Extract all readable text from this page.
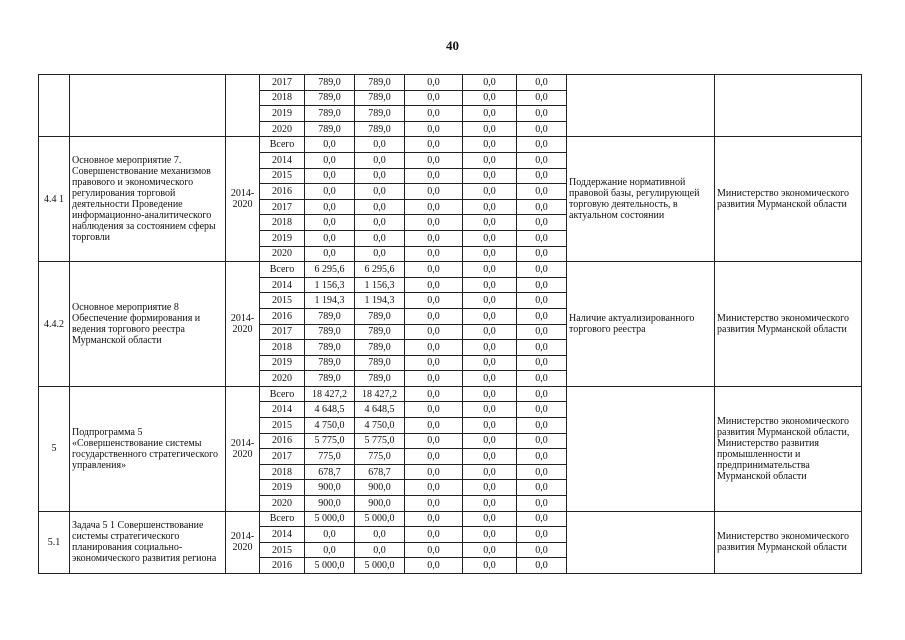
40
			2017	789,0	789,0	0,0	0,0	0,0		
			2018	789,0	789,0	0,0	0,0	0,0		
			2019	789,0	789,0	0,0	0,0	0,0		
			2020	789,0	789,0	0,0	0,0	0,0		
4.4 1	Основное мероприятие 7. Совершенствование механизмов правового и экономического регулирования торговой деятельности Проведение информационно-аналитического наблюдения за состоянием сферы торговли	2014-2020	Всего	0,0	0,0	0,0	0,0	0,0	Поддержание нормативной правовой базы, регулирующей торговую деятельность, в актуальном состоянии	Министерство экономического развития Мурманской области
			2014	0,0	0,0	0,0	0,0	0,0		
			2015	0,0	0,0	0,0	0,0	0,0		
			2016	0,0	0,0	0,0	0,0	0,0		
			2017	0,0	0,0	0,0	0,0	0,0		
			2018	0,0	0,0	0,0	0,0	0,0		
			2019	0,0	0,0	0,0	0,0	0,0		
			2020	0,0	0,0	0,0	0,0	0,0		
4.4.2	Основное мероприятие 8 Обеспечение формирования и ведения торгового реестра Мурманской области	2014-2020	Всего	6 295,6	6 295,6	0,0	0,0	0,0	Наличие актуализированного торгового реестра	Министерство экономического развития Мурманской области
			2014	1 156,3	1 156,3	0,0	0,0	0,0		
			2015	1 194,3	1 194,3	0,0	0,0	0,0		
			2016	789,0	789,0	0,0	0,0	0,0		
			2017	789,0	789,0	0,0	0,0	0,0		
			2018	789,0	789,0	0,0	0,0	0,0		
			2019	789,0	789,0	0,0	0,0	0,0		
			2020	789,0	789,0	0,0	0,0	0,0		
5	Подпрограмма 5 «Совершенствование системы государственного стратегического управления»	2014-2020	Всего	18 427,2	18 427,2	0,0	0,0	0,0		Министерство экономического развития Мурманской области, Министерство развития промышленности и предпринимательства Мурманской области
			2014	4 648,5	4 648,5	0,0	0,0	0,0		
			2015	4 750,0	4 750,0	0,0	0,0	0,0		
			2016	5 775,0	5 775,0	0,0	0,0	0,0		
			2017	775,0	775,0	0,0	0,0	0,0		
			2018	678,7	678,7	0,0	0,0	0,0		
			2019	900,0	900,0	0,0	0,0	0,0		
			2020	900,0	900,0	0,0	0,0	0,0		
5.1	Задача 5 1 Совершенствование системы стратегического планирования социально-экономического развития региона	2014-2020	Всего	5 000,0	5 000,0	0,0	0,0	0,0		Министерство экономического развития Мурманской области
			2014	0,0	0,0	0,0	0,0	0,0		
			2015	0,0	0,0	0,0	0,0	0,0		
			2016	5 000,0	5 000,0	0,0	0,0	0,0		
